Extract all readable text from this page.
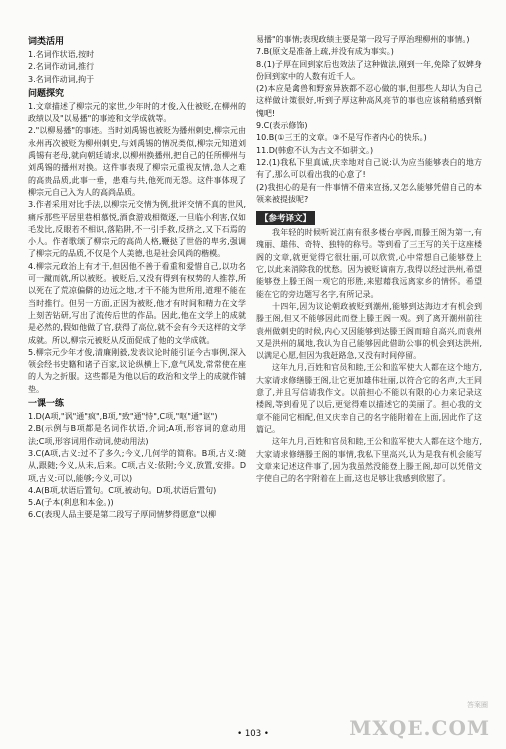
词类活用

1.名词作状语,按时

2.名词作动词,推行

3.名词作动词,拘于

问题探究

1.文章描述了柳宗元的家世,少年时的才俊,入仕被贬,在柳州的政绩以及"以易播"的事迹和文学成就等。

2."以柳易播"的事迹。当时刘禹锡也被贬为播州刺史,柳宗元由永州再次被贬为柳州刺史,与刘禹锡的情况类似,柳宗元知道刘禹锡有老母,就向朝廷请求,以柳州换播州,把自己的任所柳州与刘禹锡的播州对换。这件事表现了柳宗元重视友情,急人之难的高贵品质,此事一垂，患难与共,他死而无怨。这件事体现了柳宗元自己入为人的高尚品质。

3.作者采用对比手法,以柳宗元交情为例,批评交情不真的世风,痛斥那些平居里巷相慕悦,酒食游戏相徵逐,一旦临小利害,仅如毛发比,反眼若不相识,落陷阱,不一引手救,反挤之,又下石焉的小人。作者歌颂了柳宗元的高尚人格,鞭挞了世俗的卑劣,强调了柳宗元的品质,不仅是个人美德,也是社会风尚的楷模。

4.柳宗元政治上有才干,但因他不善于看重和爱惜自己,以功名可一蹴而就,所以被贬。被贬后,又没有得到有权势的人推荐,所以死在了荒凉偏僻的边远之地,才干不能为世所用,道理不能在当时推行。但另一方面,正因为被贬,他才有时间和精力在文学上刻苦钻研,写出了流传后世的作品。因此,他在文学上的成就是必然的,假如他做了官,获得了高位,就不会有今天这样的文学成就。所以,柳宗元被贬从反面促成了他的文学成就。

5.柳宗元少年才俊,清廉刚毅,发表议论时能引证今古事例,深入领会经书史籍和诸子百家,议论纵横上下,意气风发,常常使在座的人为之折服。这些都是为他以后的政治和文学上的成就作铺垫。

一课一练

1.D(A项,"讽"通"疯",B项,"致"通"恃",C项,"呕"通"讴")

2.B(示例与B项都是名词作状语,介词;A项,形容词的意动用法;C项,形容词用作动词,使动用法)

3.C(A项,古义:过不了多久;今义,几何学的简称。B项,古义:随从,跟随;今义,从未,后来。C项,古义:依附;今义,放置,安排。D项,古义:可以,能够;今义,可以)

4.A(B项,状语后置句。C项,被动句。D项,状语后置句)

5.A(子本(利息和本金。))

6.C(表现人品主要是第二段写子厚同情梦得愿意"以柳

易播"的事情;表现政绩主要是第一段写子厚治理柳州的事情。)

7.B(原文是准备上疏,并没有成为事实。)

8.(1)子厚在回到家后也效法了这种做法,刚到一年,免除了奴婢身份回到家中的人数有近千人。

(2)本应是禽兽和野蛮异族都不忍心做的事,但那些人却认为自己这样做计策很好,听到子厚这种高风亮节的事也应该稍稍感到惭愧吧!

9.C(表示修饰)

10.B(①三王的文章。③不是写作者内心的快乐。)

11.D(韩愈不认为古文不如骈文。)

12.(1)我私下里真诚,庆幸地对自己说:认为应当能够表白的地方有了,那么可以看出我的心意了!

(2)我担心的是有一件事情不借来宣扬,又怎么能够凭借自己的本领来被提拔呢?

【参考译文】

我年轻的时候听说江南有很多楼台亭阁,而滕王阁为第一,有瑰丽、雄伟、奇特、独特的称号。等到看了三王写的关于这座楼阁的文章,就更觉得它很壮丽,可以欣赏,心中常想自己能够登上它,以此来消除我的忧愁。因为被贬谪南方,我得以经过洪州,希望能够登上滕王阁一观它的形胜,来慰藉我远离家乡的情怀。希望能在它的旁边题写名字,有所记录。

十四年,因为议论朝政被贬到潮州,能够到达海边才有机会到滕王阁,但又不能够因此而登上滕王阁一观。到了离开潮州前往袁州做刺史的时候,内心又因能够到达滕王阁而暗自高兴,而袁州又是洪州的属地,我认为自己能够因此借助公事的机会到达洪州,以满足心愿,但因为我赶路急,又没有时间停留。

这年九月,百姓和官员和睦,王公和监军使大人都在这个地方,大家请求修缮滕王阁,让它更加雄伟壮丽,以符合它的名声,大王同意了,并且写信请我作文。以前担心不能以有限的心力来记录这楼阁,等到看见了以后,更觉得难以描述它的美丽了。担心我的文章不能同它相配,但又庆幸自己的名字能附着在上面,因此作了这篇记。

这年九月,百姓和官员和睦,王公和监军使大人都在这个地方,大家请求修缮滕王阁的事情,我私下里高兴,认为是我有机会能写文章来记述这件事了,因为我虽然没能登上滕王阁,却可以凭借文字使自己的名字附着在上面,这也足够让我感到欣慰了。

• 103 •
答案圈
MXQE.COM
